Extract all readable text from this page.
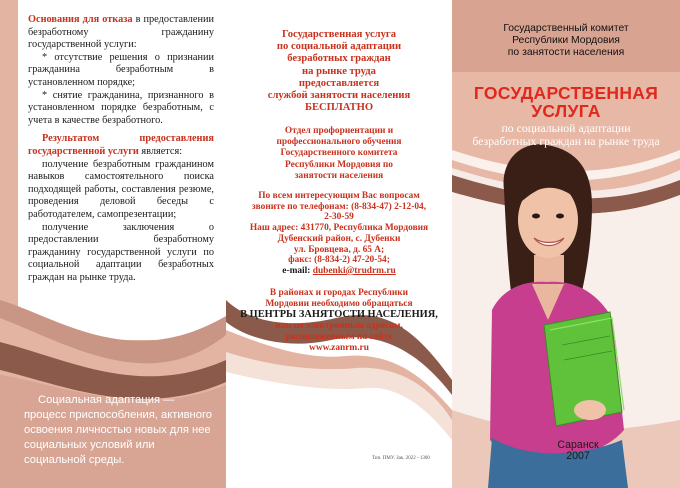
Основания для отказа в предоставлении безработному гражданину государственной услуги:

* отсутствие решения о признании гражданина безработным в установленном порядке;

* снятие гражданина, признанного в установленном порядке безработным, с учета в качестве безработного.

Результатом предоставления государственной услуги является:

получение безработным гражданином навыков самостоятельного поиска подходящей работы, составления резюме, проведения деловой беседы с работодателем, самопрезентации;

получение заключения о предоставлении безработному гражданину государственной услуги по социальной адаптации безработных граждан на рынке труда.

Социальная адаптация — процесс приспособления, активного освоения личностью новых для нее социальных условий или социальной среды.

Государственная услуга
по социальной адаптации
безработных граждан
на рынке труда
предоставляется
службой занятости населения
БЕСПЛАТНО
Отдел профориентации и
профессионального обучения
Государственного комитета
Республики Мордовия по
занятости населения
По всем интересующим Вас вопросам
звоните по телефонам: (8-834-47) 2-12-04,
2-30-59
Наш адрес: 431770, Республика Мордовия
Дубенский район, с. Дубенки
ул. Бровцева, д. 65 А;
факс: (8-834-2) 47-20-54;
e-mail: dubenki@trudrm.ru
В районах и городах Республики
Мордовии необходимо обращаться
В ЦЕНТРЫ ЗАНЯТОСТИ НАСЕЛЕНИЯ,
или по электронным адресам,
расположенным на сайте
www.zanrm.ru
Тип. ПМУ. Зак. 2022 - 1300
Государственный комитет
Республики Мордовия
по занятости населения
ГОСУДАРСТВЕННАЯ
УСЛУГА
по социальной адаптации
безработных граждан на рынке труда
Саранск
2007
